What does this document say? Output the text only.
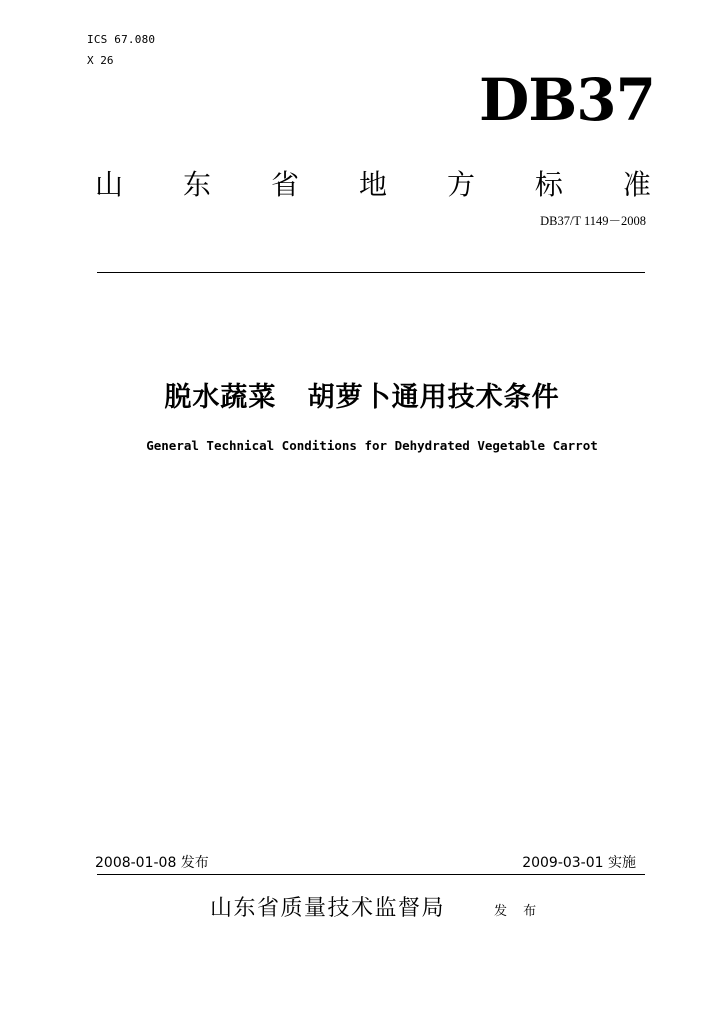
ICS 67.080
X 26
DB37
山 东 省 地 方 标 准
DB37/T 1149－2008
脱水蔬菜   胡萝卜通用技术条件
General Technical Conditions for Dehydrated Vegetable Carrot
2008-01-08 发布	2009-03-01 实施
山东省质量技术监督局	发 布
